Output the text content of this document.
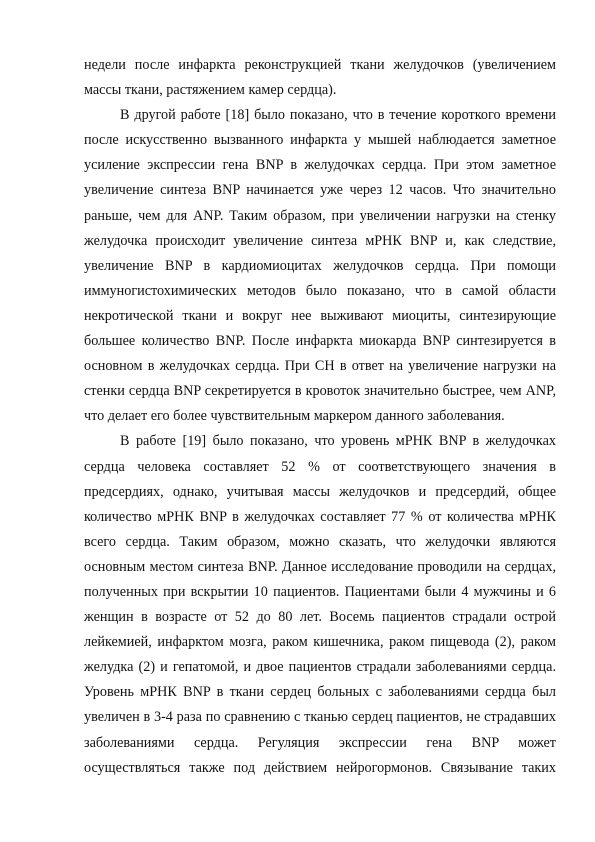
недели после инфаркта реконструкцией ткани желудочков (увеличением
массы ткани, растяжением камер сердца).
В другой работе [18] было показано, что в течение короткого времени
после искусственно вызванного инфаркта у мышей наблюдается заметное
усиление экспрессии гена BNP в желудочках сердца. При этом заметное
увеличение синтеза BNP начинается уже через 12 часов. Что значительно
раньше, чем для ANP. Таким образом, при увеличении нагрузки на стенку
желудочка происходит увеличение синтеза мРНК BNP и, как следствие,
увеличение BNP в кардиомиоцитах желудочков сердца. При помощи
иммуногистохимических методов было показано, что в самой области
некротической ткани и вокруг нее выживают миоциты, синтезирующие
большее количество BNP. После инфаркта миокарда BNP синтезируется в
основном в желудочках сердца. При СН в ответ на увеличение нагрузки на
стенки сердца BNP секретируется в кровоток значительно быстрее, чем ANP,
что делает его более чувствительным маркером данного заболевания.
В работе [19] было показано, что уровень мРНК BNP в желудочках
сердца человека составляет 52 % от соответствующего значения в
предсердиях, однако, учитывая массы желудочков и предсердий, общее
количество мРНК BNP в желудочках составляет 77 % от количества мРНК
всего сердца. Таким образом, можно сказать, что желудочки являются
основным местом синтеза BNP. Данное исследование проводили на сердцах,
полученных при вскрытии 10 пациентов. Пациентами были 4 мужчины и 6
женщин в возрасте от 52 до 80 лет. Восемь пациентов страдали острой
лейкемией, инфарктом мозга, раком кишечника, раком пищевода (2), раком
желудка (2) и гепатомой, и двое пациентов страдали заболеваниями сердца.
Уровень мРНК BNP в ткани сердец больных с заболеваниями сердца был
увеличен в 3-4 раза по сравнению с тканью сердец пациентов, не страдавших
заболеваниями сердца. Регуляция экспрессии гена BNP может
осуществляться также под действием нейрогормонов. Связывание таких
